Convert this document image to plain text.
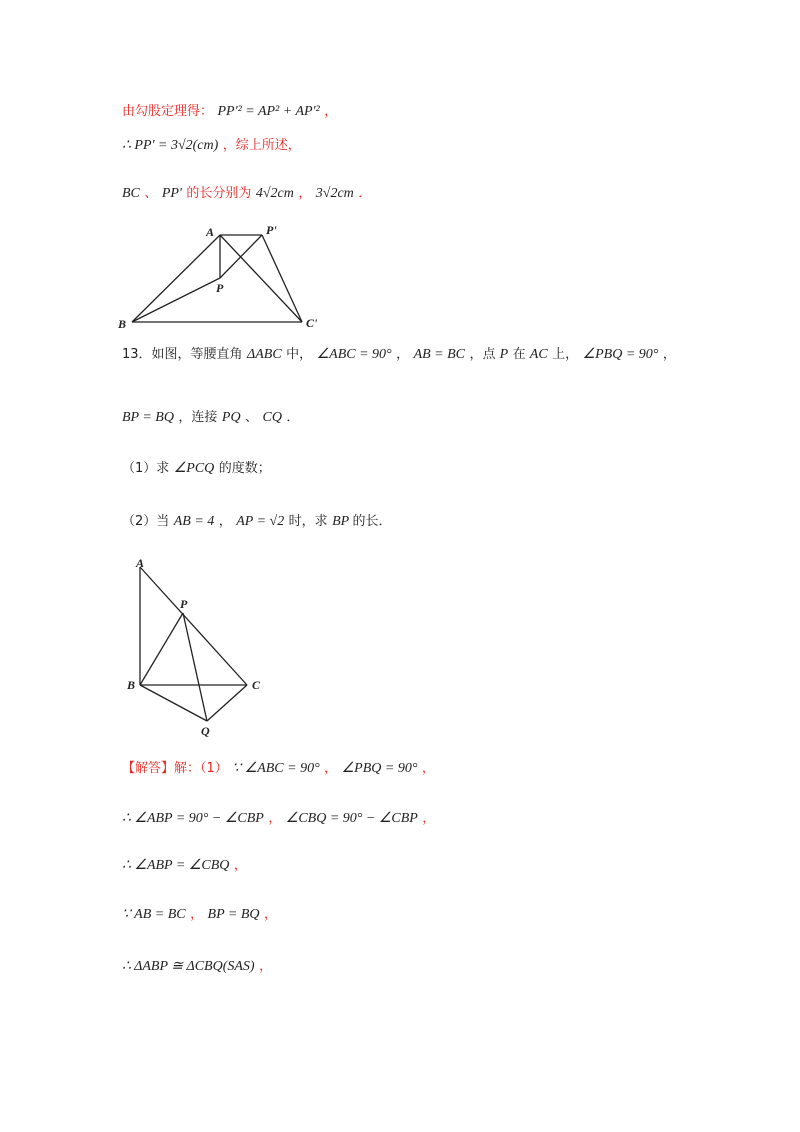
由勾股定理得： PP'² = AP² + AP'² ，
∴ PP' = 3√2(cm) ，综上所述，
BC 、 PP' 的长分别为 4√2cm ， 3√2cm ．
A	P'
P
B	C'
13．如图，等腰直角 ΔABC 中， ∠ABC = 90° ， AB = BC ，点 P 在 AC 上， ∠PBQ = 90° ，
BP = BQ ，连接 PQ 、 CQ ．
（1）求 ∠PCQ 的度数；
（2）当 AB = 4 ， AP = √2 时，求 BP 的长．
A
P
B	C
Q
【解答】解：（1） ∵ ∠ABC = 90° ， ∠PBQ = 90° ，
∴ ∠ABP = 90° − ∠CBP ， ∠CBQ = 90° − ∠CBP ，
∴ ∠ABP = ∠CBQ ，
∵ AB = BC ， BP = BQ ，
∴ ΔABP ≅ ΔCBQ(SAS) ，
